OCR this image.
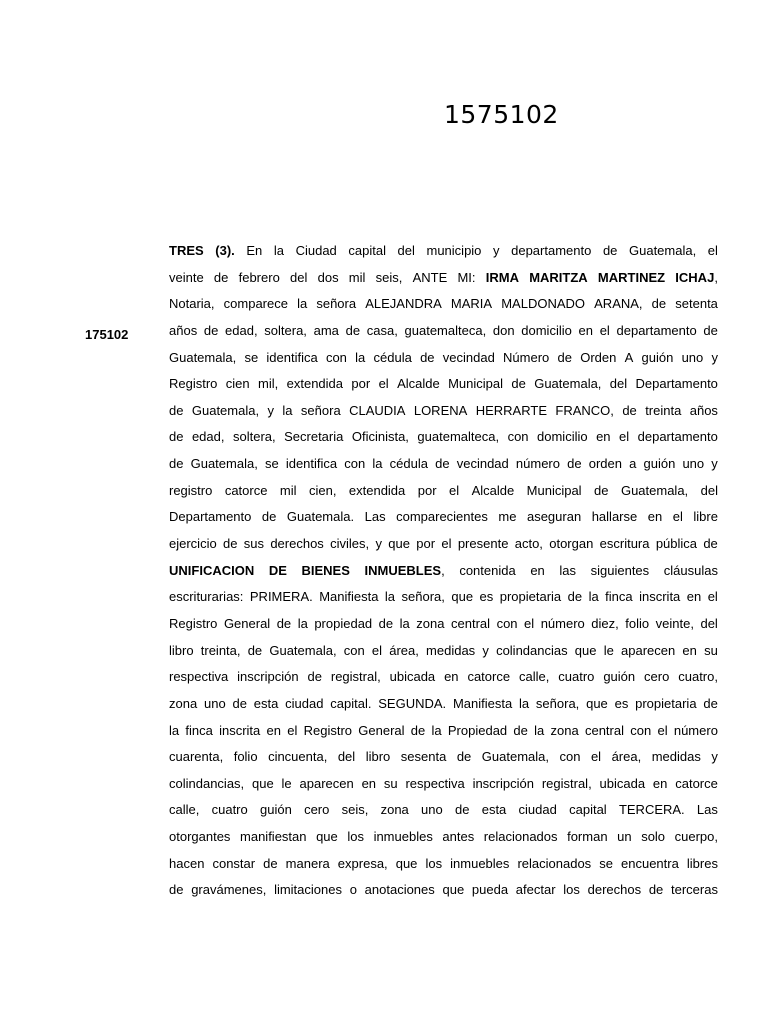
1575102
175102
TRES (3). En la Ciudad capital del municipio y departamento de Guatemala, el
veinte de febrero del dos mil seis, ANTE MI: IRMA MARITZA MARTINEZ ICHAJ,
Notaria, comparece la señora ALEJANDRA MARIA MALDONADO ARANA, de setenta
años de edad, soltera, ama de casa, guatemalteca, don domicilio en el departamento de
Guatemala, se identifica con la cédula de vecindad Número de Orden A guión uno y
Registro cien mil, extendida por el Alcalde Municipal de Guatemala, del Departamento
de Guatemala, y la señora CLAUDIA LORENA HERRARTE FRANCO, de treinta años
de edad, soltera, Secretaria Oficinista, guatemalteca, con domicilio en el departamento
de Guatemala, se identifica con la cédula de vecindad número de orden a guión uno y
registro catorce mil cien, extendida por el Alcalde Municipal de Guatemala, del
Departamento de Guatemala. Las comparecientes me aseguran hallarse en el libre
ejercicio de sus derechos civiles, y que por el presente acto, otorgan escritura pública de
UNIFICACION DE BIENES INMUEBLES, contenida en las siguientes cláusulas
escriturarias: PRIMERA. Manifiesta la señora, que es propietaria de la finca inscrita en el
Registro General de la propiedad de la zona central con el número diez, folio veinte, del
libro treinta, de Guatemala, con el área, medidas y colindancias que le aparecen en su
respectiva inscripción de registral, ubicada en catorce calle, cuatro guión cero cuatro,
zona uno de esta ciudad capital. SEGUNDA. Manifiesta la señora, que es propietaria de
la finca inscrita en el Registro General de la Propiedad de la zona central con el número
cuarenta, folio cincuenta, del libro sesenta de Guatemala, con el área, medidas y
colindancias, que le aparecen en su respectiva inscripción registral, ubicada en catorce
calle, cuatro guión cero seis, zona uno de esta ciudad capital TERCERA. Las
otorgantes manifiestan que los inmuebles antes relacionados forman un solo cuerpo,
hacen constar de manera expresa, que los inmuebles relacionados se encuentra libres
de gravámenes, limitaciones o anotaciones que pueda afectar los derechos de terceras
